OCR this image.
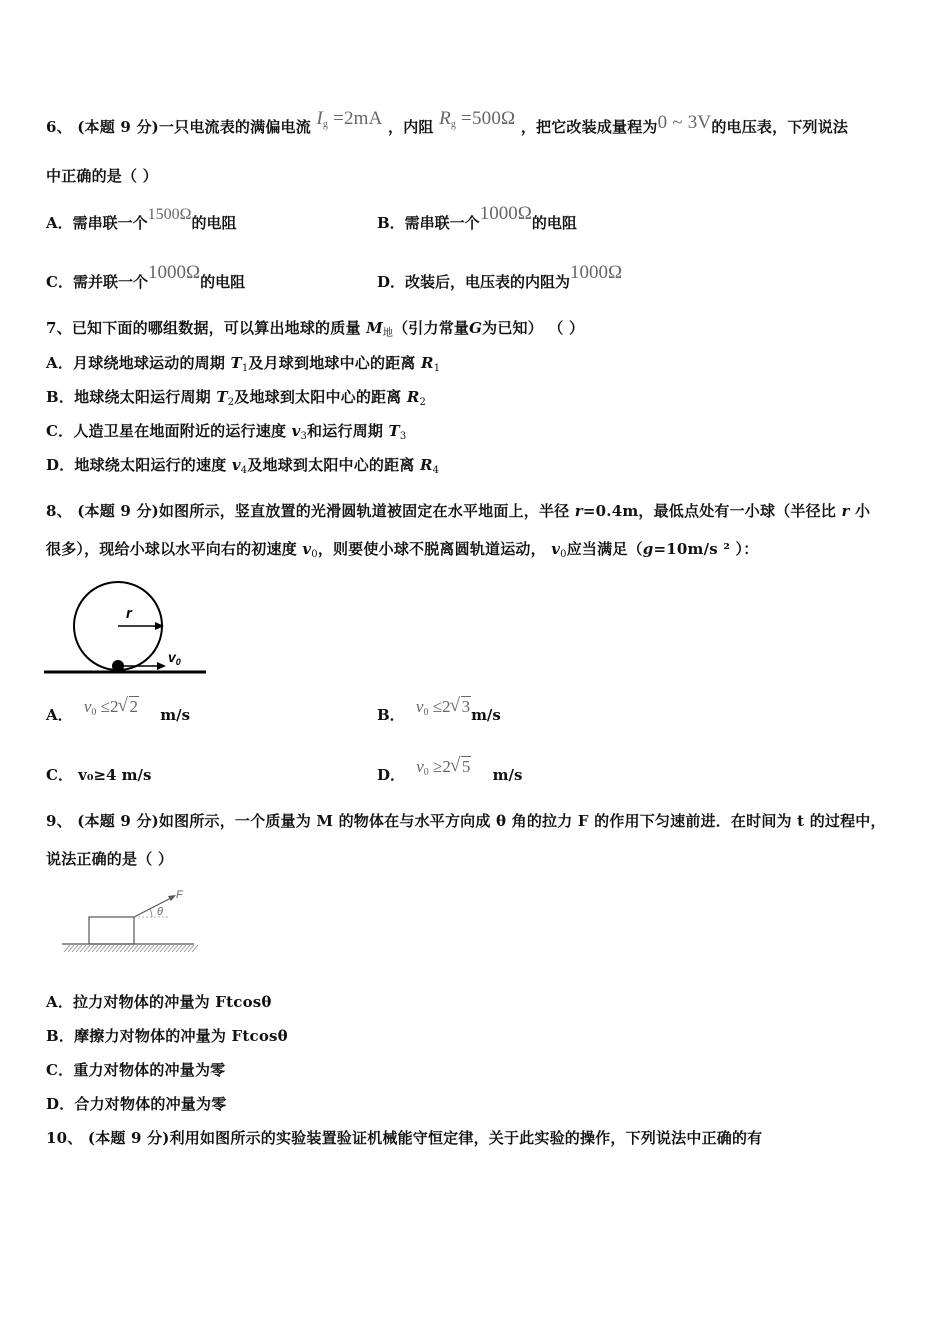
6、 (本题 9 分)一只电流表的满偏电流 $I_g =2mA$ ，内阻 $R_g =500\Omega$ ，把它改装成量程为0 ~ 3V的电压表，下列说法
中正确的是（ ）
A．需串联一个1500Ω的电阻	B．需串联一个1000Ω的电阻
C．需并联一个1000Ω的电阻	D．改装后，电压表的内阻为1000Ω
7、已知下面的哪组数据，可以算出地球的质量 $M_地$（引力常量G为已知） （ ）
A．月球绕地球运动的周期 $T_1$及月球到地球中心的距离 $R_1$
B．地球绕太阳运行周期 $T_2$及地球到太阳中心的距离 $R_2$
C．人造卫星在地面附近的运行速度 $v_3$和运行周期 $T_3$
D．地球绕太阳运行的速度 $v_4$及地球到太阳中心的距离 $R_4$
8、 (本题 9 分)如图所示，竖直放置的光滑圆轨道被固定在水平地面上，半径 r=0.4m，最低点处有一小球（半径比 r 小
很多），现给小球以水平向右的初速度 $v_0$，则要使小球不脱离圆轨道运动， $v_0$应当满足（g=10m/s ² ）：
r
$v_0$
A． $v_0 \le 2√$ 2 m/s	B． $v_0 \le 2√$ 3m/s
C． v₀≥4 m/s	D． $v_0 \ge 2√$ 5 m/s
9、 (本题 9 分)如图所示，一个质量为 M 的物体在与水平方向成 θ 角的拉力 F 的作用下匀速前进．在时间为 t 的过程中，
说法正确的是（ ）
F
θ
A．拉力对物体的冲量为 Ftcosθ
B．摩擦力对物体的冲量为 Ftcosθ
C．重力对物体的冲量为零
D．合力对物体的冲量为零
10、 (本题 9 分)利用如图所示的实验装置验证机械能守恒定律，关于此实验的操作，下列说法中正确的有
